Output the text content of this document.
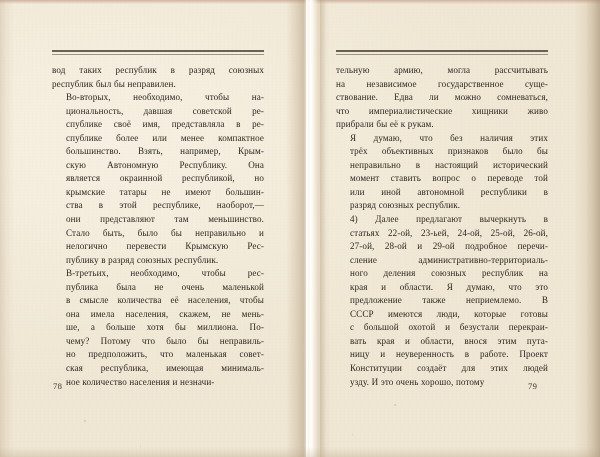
вод таких республик в разряд союзных
республик был бы неправилен.

Во-вторых, необходимо, чтобы на-
циональность, давшая советской ре-
спублике своё имя, представляла в ре-
спублике более или менее компактное
большинство. Взять, например, Крым-
скую Автономную Республику. Она
является окраинной республикой, но
крымские татары не имеют большин-
ства в этой республике, наоборот,—
они представляют там меньшинство.
Стало быть, было бы неправильно и
нелогично перевести Крымскую Рес-
публику в разряд союзных республик.

В-третьих, необходимо, чтобы рес-
публика была не очень маленькой
в смысле количества её населения, чтобы
она имела населения, скажем, не мень-
ше, а больше хотя бы миллиона. По-
чему? Потому что было бы неправиль-
но предположить, что маленькая совет-
ская республика, имеющая минималь-
ное количество населения и незначи-

78

тельную армию, могла рассчитывать
на независимое государственное суще-
ствование. Едва ли можно сомневаться,
что империалистические хищники живо
прибрали бы её к рукам.

Я думаю, что без наличия этих
трёх объективных признаков было бы
неправильно в настоящий исторический
момент ставить вопрос о переводе той
или иной автономной республики в
разряд союзных республик.

4) Далее предлагают вычеркнуть в
статьях 22-ой, 23-ьей, 24-ой, 25-ой, 26-ой,
27-ой, 28-ой и 29-ой подробное перечи-
сление административно-территориаль-
ного деления союзных республик на
края и области. Я думаю, что это
предложение также неприемлемо. В
СССР имеются люди, которые готовы
с большой охотой и безустали перекраи-
вать края и области, внося этим пута-
ницу и неуверенность в работе. Проект
Конституции создаёт для этих людей
узду. И это очень хорошо, потому	79
